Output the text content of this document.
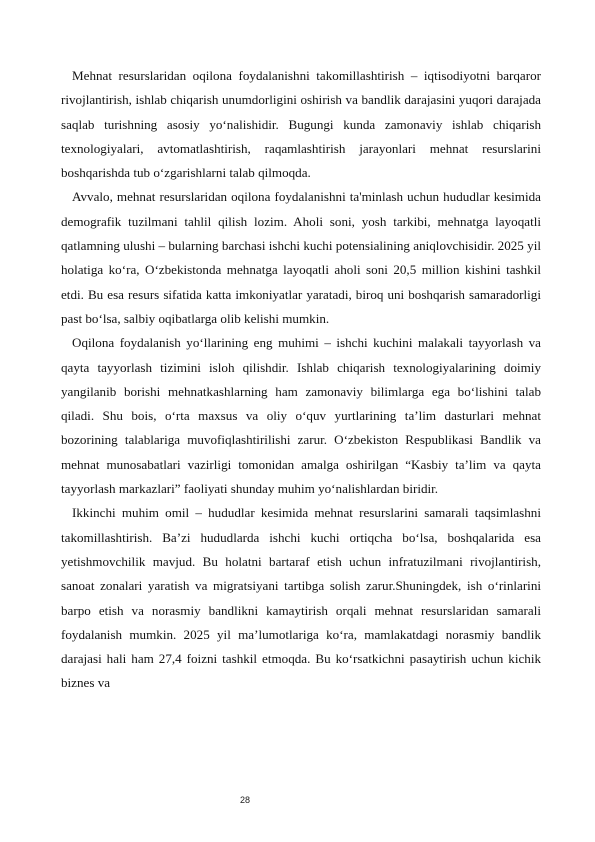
Mehnat resurslaridan oqilona foydalanishni takomillashtirish – iqtisodiyotni barqaror rivojlantirish, ishlab chiqarish unumdorligini oshirish va bandlik darajasini yuqori darajada saqlab turishning asosiy yo‘nalishidir. Bugungi kunda zamonaviy ishlab chiqarish texnologiyalari, avtomatlashtirish, raqamlashtirish jarayonlari mehnat resurslarini boshqarishda tub o‘zgarishlarni talab qilmoqda.

Avvalo, mehnat resurslaridan oqilona foydalanishni ta'minlash uchun hududlar kesimida demografik tuzilmani tahlil qilish lozim. Aholi soni, yosh tarkibi, mehnatga layoqatli qatlamning ulushi – bularning barchasi ishchi kuchi potensialining aniqlovchisidir. 2025 yil holatiga ko‘ra, O‘zbekistonda mehnatga layoqatli aholi soni 20,5 million kishini tashkil etdi. Bu esa resurs sifatida katta imkoniyatlar yaratadi, biroq uni boshqarish samaradorligi past bo‘lsa, salbiy oqibatlarga olib kelishi mumkin.

Oqilona foydalanish yo‘llarining eng muhimi – ishchi kuchini malakali tayyorlash va qayta tayyorlash tizimini isloh qilishdir. Ishlab chiqarish texnologiyalarining doimiy yangilanib borishi mehnatkashlarning ham zamonaviy bilimlarga ega bo‘lishini talab qiladi. Shu bois, o‘rta maxsus va oliy o‘quv yurtlarining ta’lim dasturlari mehnat bozorining talablariga muvofiqlashtirilishi zarur. O‘zbekiston Respublikasi Bandlik va mehnat munosabatlari vazirligi tomonidan amalga oshirilgan “Kasbiy ta’lim va qayta tayyorlash markazlari” faoliyati shunday muhim yo‘nalishlardan biridir.

Ikkinchi muhim omil – hududlar kesimida mehnat resurslarini samarali taqsimlashni takomillashtirish. Ba’zi hududlarda ishchi kuchi ortiqcha bo‘lsa, boshqalarida esa yetishmovchilik mavjud. Bu holatni bartaraf etish uchun infratuzilmani rivojlantirish, sanoat zonalari yaratish va migratsiyani tartibga solish zarur.Shuningdek, ish o‘rinlarini barpo etish va norasmiy bandlikni kamaytirish orqali mehnat resurslaridan samarali foydalanish mumkin. 2025 yil ma’lumotlariga ko‘ra, mamlakatdagi norasmiy bandlik darajasi hali ham 27,4 foizni tashkil etmoqda. Bu ko‘rsatkichni pasaytirish uchun kichik biznes va

28
